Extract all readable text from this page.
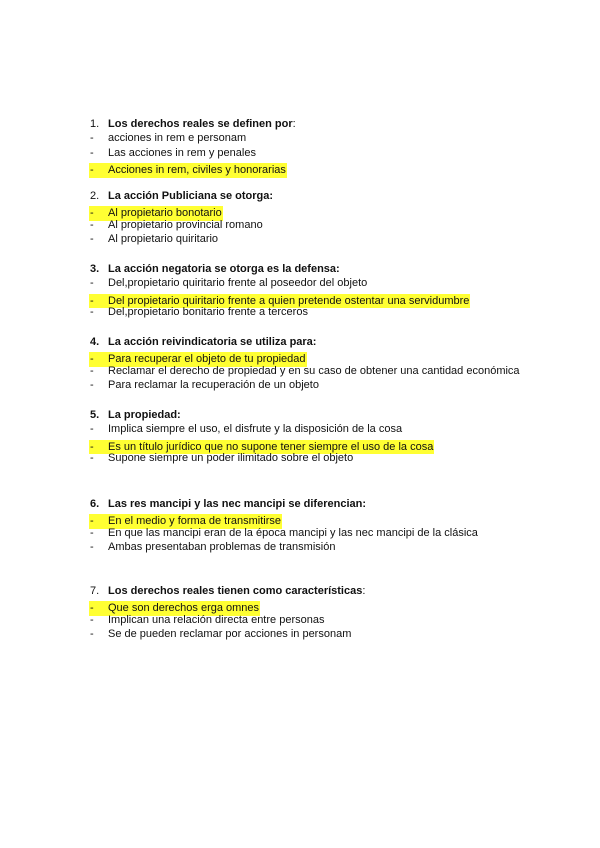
1. Los derechos reales se definen por:

- acciones in rem e personam

- Las acciones in rem y penales

- Acciones in rem, civiles y honorarias

2. La acción Publiciana se otorga:

- Al propietario bonotario

- Al propietario provincial romano

- Al propietario quiritario

3. La acción negatoria se otorga es la defensa:

- Del,propietario quiritario frente al poseedor del objeto

- Del propietario quiritario frente a quien pretende ostentar una servidumbre

- Del,propietario bonitario frente a terceros

4. La acción reivindicatoria se utiliza para:

- Para recuperar el objeto de tu propiedad

- Reclamar el derecho de propiedad y en su caso de obtener una cantidad económica

- Para reclamar la recuperación de un objeto

5. La propiedad:

- Implica siempre el uso, el disfrute y la disposición de la cosa

- Es un título jurídico que no supone tener siempre el uso de la cosa

- Supone siempre un poder ilimitado sobre el objeto

6. Las res mancipi y las nec mancipi se diferencian:

- En el medio y forma de transmitirse

- En que las mancipi eran de la época mancipi y las nec mancipi de la clásica

- Ambas presentaban problemas de transmisión

7. Los derechos reales tienen como características:

- Que son derechos erga omnes

- Implican una relación directa entre personas

- Se de pueden reclamar por acciones in personam
